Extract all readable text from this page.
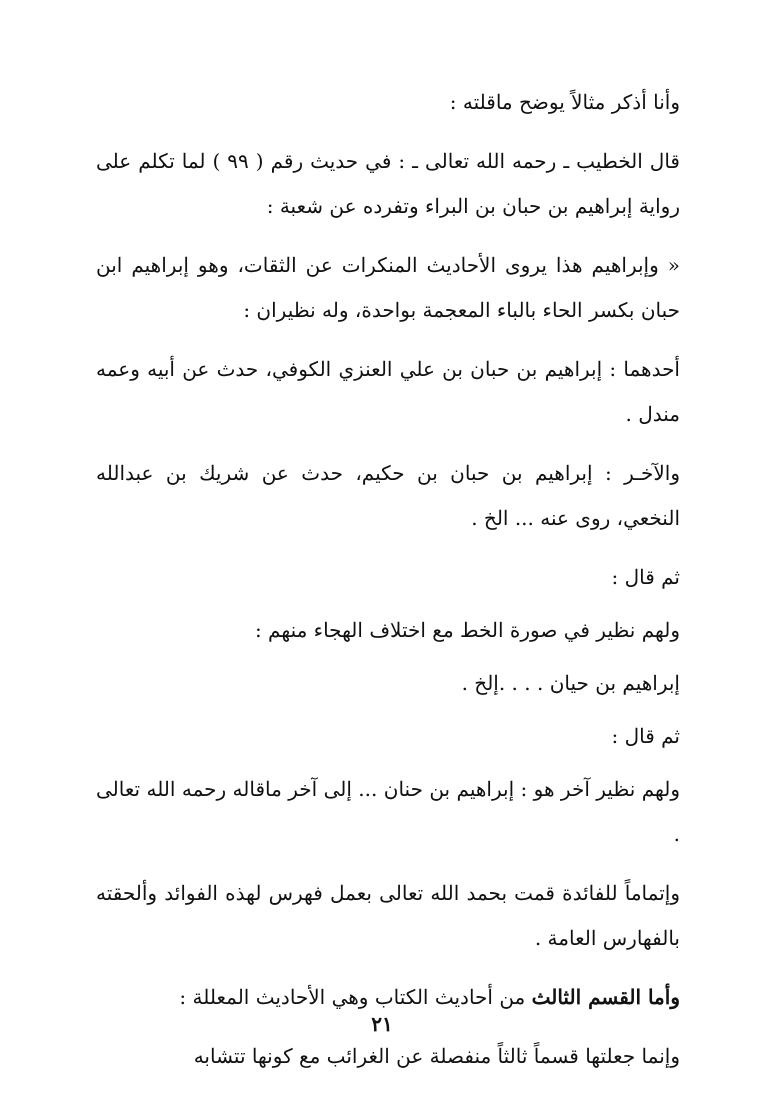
وأنا أذكر مثالاً يوضح ماقلته :

قال الخطيب ـ رحمه الله تعالى ـ : في حديث رقم ( ٩٩ ) لما تكلم على رواية إبراهيم بن حبان بن البراء وتفرده عن شعبة :

« وإبراهيم هذا يروى الأحاديث المنكرات عن الثقات، وهو إبراهيم ابن حبان بكسر الحاء بالباء المعجمة بواحدة، وله نظيران :

أحدهما : إبراهيم بن حبان بن علي العنزي الكوفي، حدث عن أبيه وعمه مندل .

والآخـر : إبراهيم بن حبان بن حكيم، حدث عن شريك بن عبدالله النخعي، روى عنه ... الخ .

ثم قال :

ولهم نظير في صورة الخط مع اختلاف الهجاء منهم :

إبراهيم بن حيان . . . .إلخ .

ثم قال :

ولهم نظير آخر هو : إبراهيم بن حنان ... إلى آخر ماقاله رحمه الله تعالى .

وإتماماً للفائدة قمت بحمد الله تعالى بعمل فهرس لهذه الفوائد وألحقته بالفهارس العامة .

وأما القسم الثالث من أحاديث الكتاب وهي الأحاديث المعللة :

وإنما جعلتها قسماً ثالثاً منفصلة عن الغرائب مع كونها تتشابه

٢١
